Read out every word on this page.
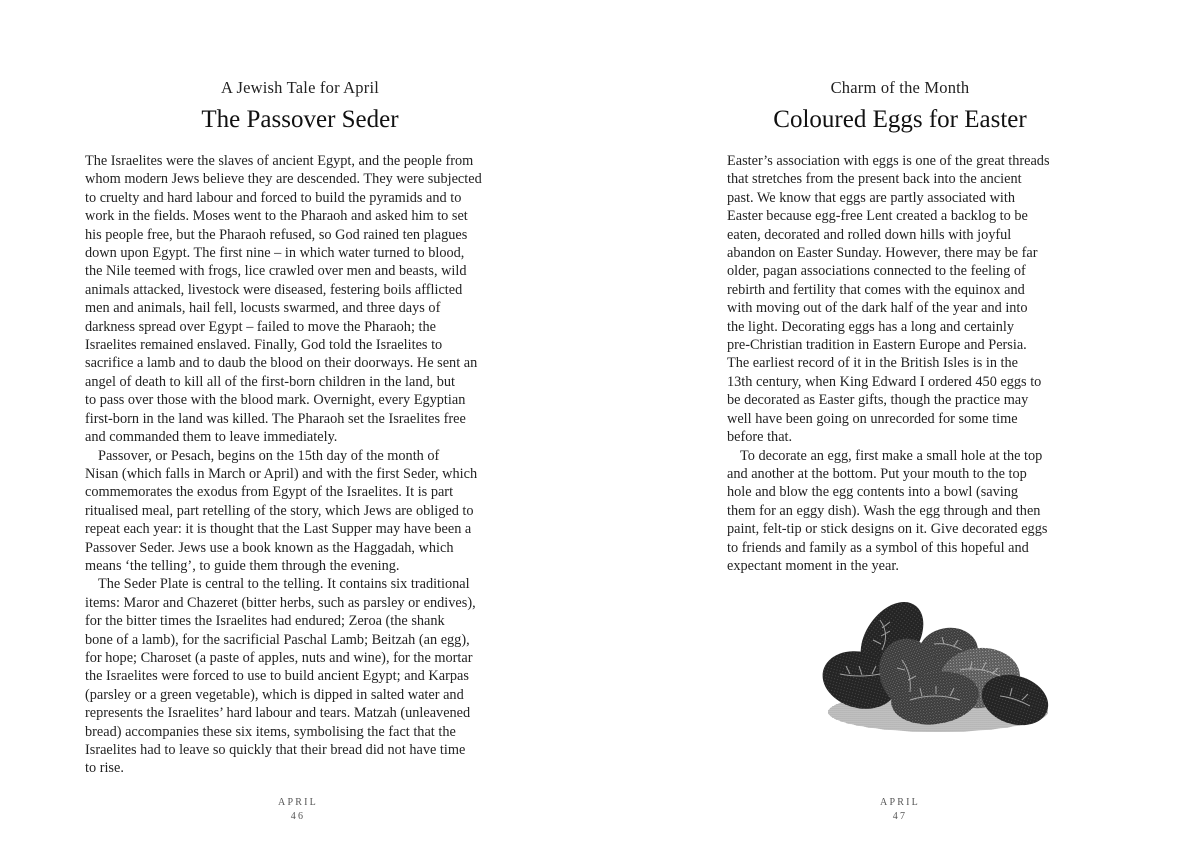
A Jewish Tale for April
The Passover Seder
The Israelites were the slaves of ancient Egypt, and the people from
whom modern Jews believe they are descended. They were subjected
to cruelty and hard labour and forced to build the pyramids and to
work in the fields. Moses went to the Pharaoh and asked him to set
his people free, but the Pharaoh refused, so God rained ten plagues
down upon Egypt. The first nine – in which water turned to blood,
the Nile teemed with frogs, lice crawled over men and beasts, wild
animals attacked, livestock were diseased, festering boils afflicted
men and animals, hail fell, locusts swarmed, and three days of
darkness spread over Egypt – failed to move the Pharaoh; the
Israelites remained enslaved. Finally, God told the Israelites to
sacrifice a lamb and to daub the blood on their doorways. He sent an
angel of death to kill all of the first-born children in the land, but
to pass over those with the blood mark. Overnight, every Egyptian
first-born in the land was killed. The Pharaoh set the Israelites free
and commanded them to leave immediately.
Passover, or Pesach, begins on the 15th day of the month of
Nisan (which falls in March or April) and with the first Seder, which
commemorates the exodus from Egypt of the Israelites. It is part
ritualised meal, part retelling of the story, which Jews are obliged to
repeat each year: it is thought that the Last Supper may have been a
Passover Seder. Jews use a book known as the Haggadah, which
means ‘the telling’, to guide them through the evening.
The Seder Plate is central to the telling. It contains six traditional
items: Maror and Chazeret (bitter herbs, such as parsley or endives),
for the bitter times the Israelites had endured; Zeroa (the shank
bone of a lamb), for the sacrificial Paschal Lamb; Beitzah (an egg),
for hope; Charoset (a paste of apples, nuts and wine), for the mortar
the Israelites were forced to use to build ancient Egypt; and Karpas
(parsley or a green vegetable), which is dipped in salted water and
represents the Israelites’ hard labour and tears. Matzah (unleavened
bread) accompanies these six items, symbolising the fact that the
Israelites had to leave so quickly that their bread did not have time
to rise.
APRIL
46
Charm of the Month
Coloured Eggs for Easter
Easter’s association with eggs is one of the great threads
that stretches from the present back into the ancient
past. We know that eggs are partly associated with
Easter because egg-free Lent created a backlog to be
eaten, decorated and rolled down hills with joyful
abandon on Easter Sunday. However, there may be far
older, pagan associations connected to the feeling of
rebirth and fertility that comes with the equinox and
with moving out of the dark half of the year and into
the light. Decorating eggs has a long and certainly
pre-Christian tradition in Eastern Europe and Persia.
The earliest record of it in the British Isles is in the
13th century, when King Edward I ordered 450 eggs to
be decorated as Easter gifts, though the practice may
well have been going on unrecorded for some time
before that.
To decorate an egg, first make a small hole at the top
and another at the bottom. Put your mouth to the top
hole and blow the egg contents into a bowl (saving
them for an eggy dish). Wash the egg through and then
paint, felt-tip or stick designs on it. Give decorated eggs
to friends and family as a symbol of this hopeful and
expectant moment in the year.
APRIL
47
